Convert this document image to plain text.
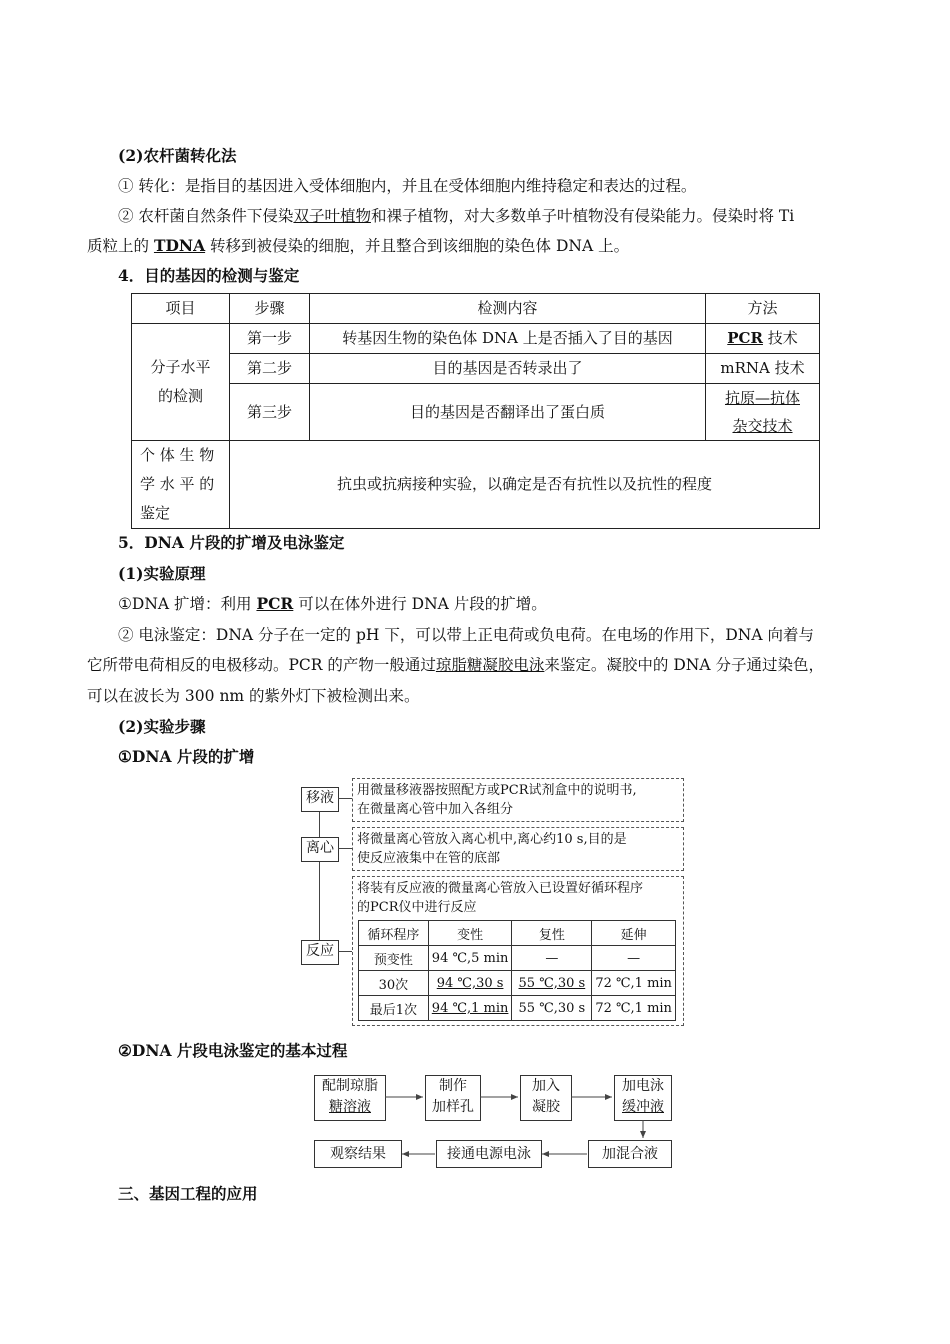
(2)农杆菌转化法
① 转化：是指目的基因进入受体细胞内，并且在受体细胞内维持稳定和表达的过程。
② 农杆菌自然条件下侵染双子叶植物和裸子植物，对大多数单子叶植物没有侵染能力。侵染时将 Ti
质粒上的 TDNA 转移到被侵染的细胞，并且整合到该细胞的染色体 DNA 上。
4．目的基因的检测与鉴定
项目	步骤	检测内容	方法
分子水平
的检测	第一步	转基因生物的染色体 DNA 上是否插入了目的基因	PCR 技术
	第二步	目的基因是否转录出了	mRNA 技术
	第三步	目的基因是否翻译出了蛋白质	抗原—抗体
杂交技术
个 体 生 物
学 水 平 的
鉴定	抗虫或抗病接种实验，以确定是否有抗性以及抗性的程度		
5．DNA 片段的扩增及电泳鉴定
(1)实验原理
①DNA 扩增：利用 PCR 可以在体外进行 DNA 片段的扩增。
② 电泳鉴定：DNA 分子在一定的 pH 下，可以带上正电荷或负电荷。在电场的作用下，DNA 向着与
它所带电荷相反的电极移动。PCR 的产物一般通过琼脂糖凝胶电泳来鉴定。凝胶中的 DNA 分子通过染色，
可以在波长为 300 nm 的紫外灯下被检测出来。
(2)实验步骤
①DNA 片段的扩增
移液
离心
反应
用微量移液器按照配方或PCR试剂盒中的说明书,
在微量离心管中加入各组分
将微量离心管放入离心机中,离心约10 s,目的是
使反应液集中在管的底部
将装有反应液的微量离心管放入已设置好循环程序
的PCR仪中进行反应
循环程序	变性	复性	延伸
预变性	94 ℃,5 min	—	—
30次	94 ℃,30 s	55 ℃,30 s	72 ℃,1 min
最后1次	94 ℃,1 min	55 ℃,30 s	72 ℃,1 min
②DNA 片段电泳鉴定的基本过程
配制琼脂
糖溶液
制作
加样孔
加入
凝胶
加电泳
缓冲液
加混合液
接通电源电泳
观察结果
三、基因工程的应用
